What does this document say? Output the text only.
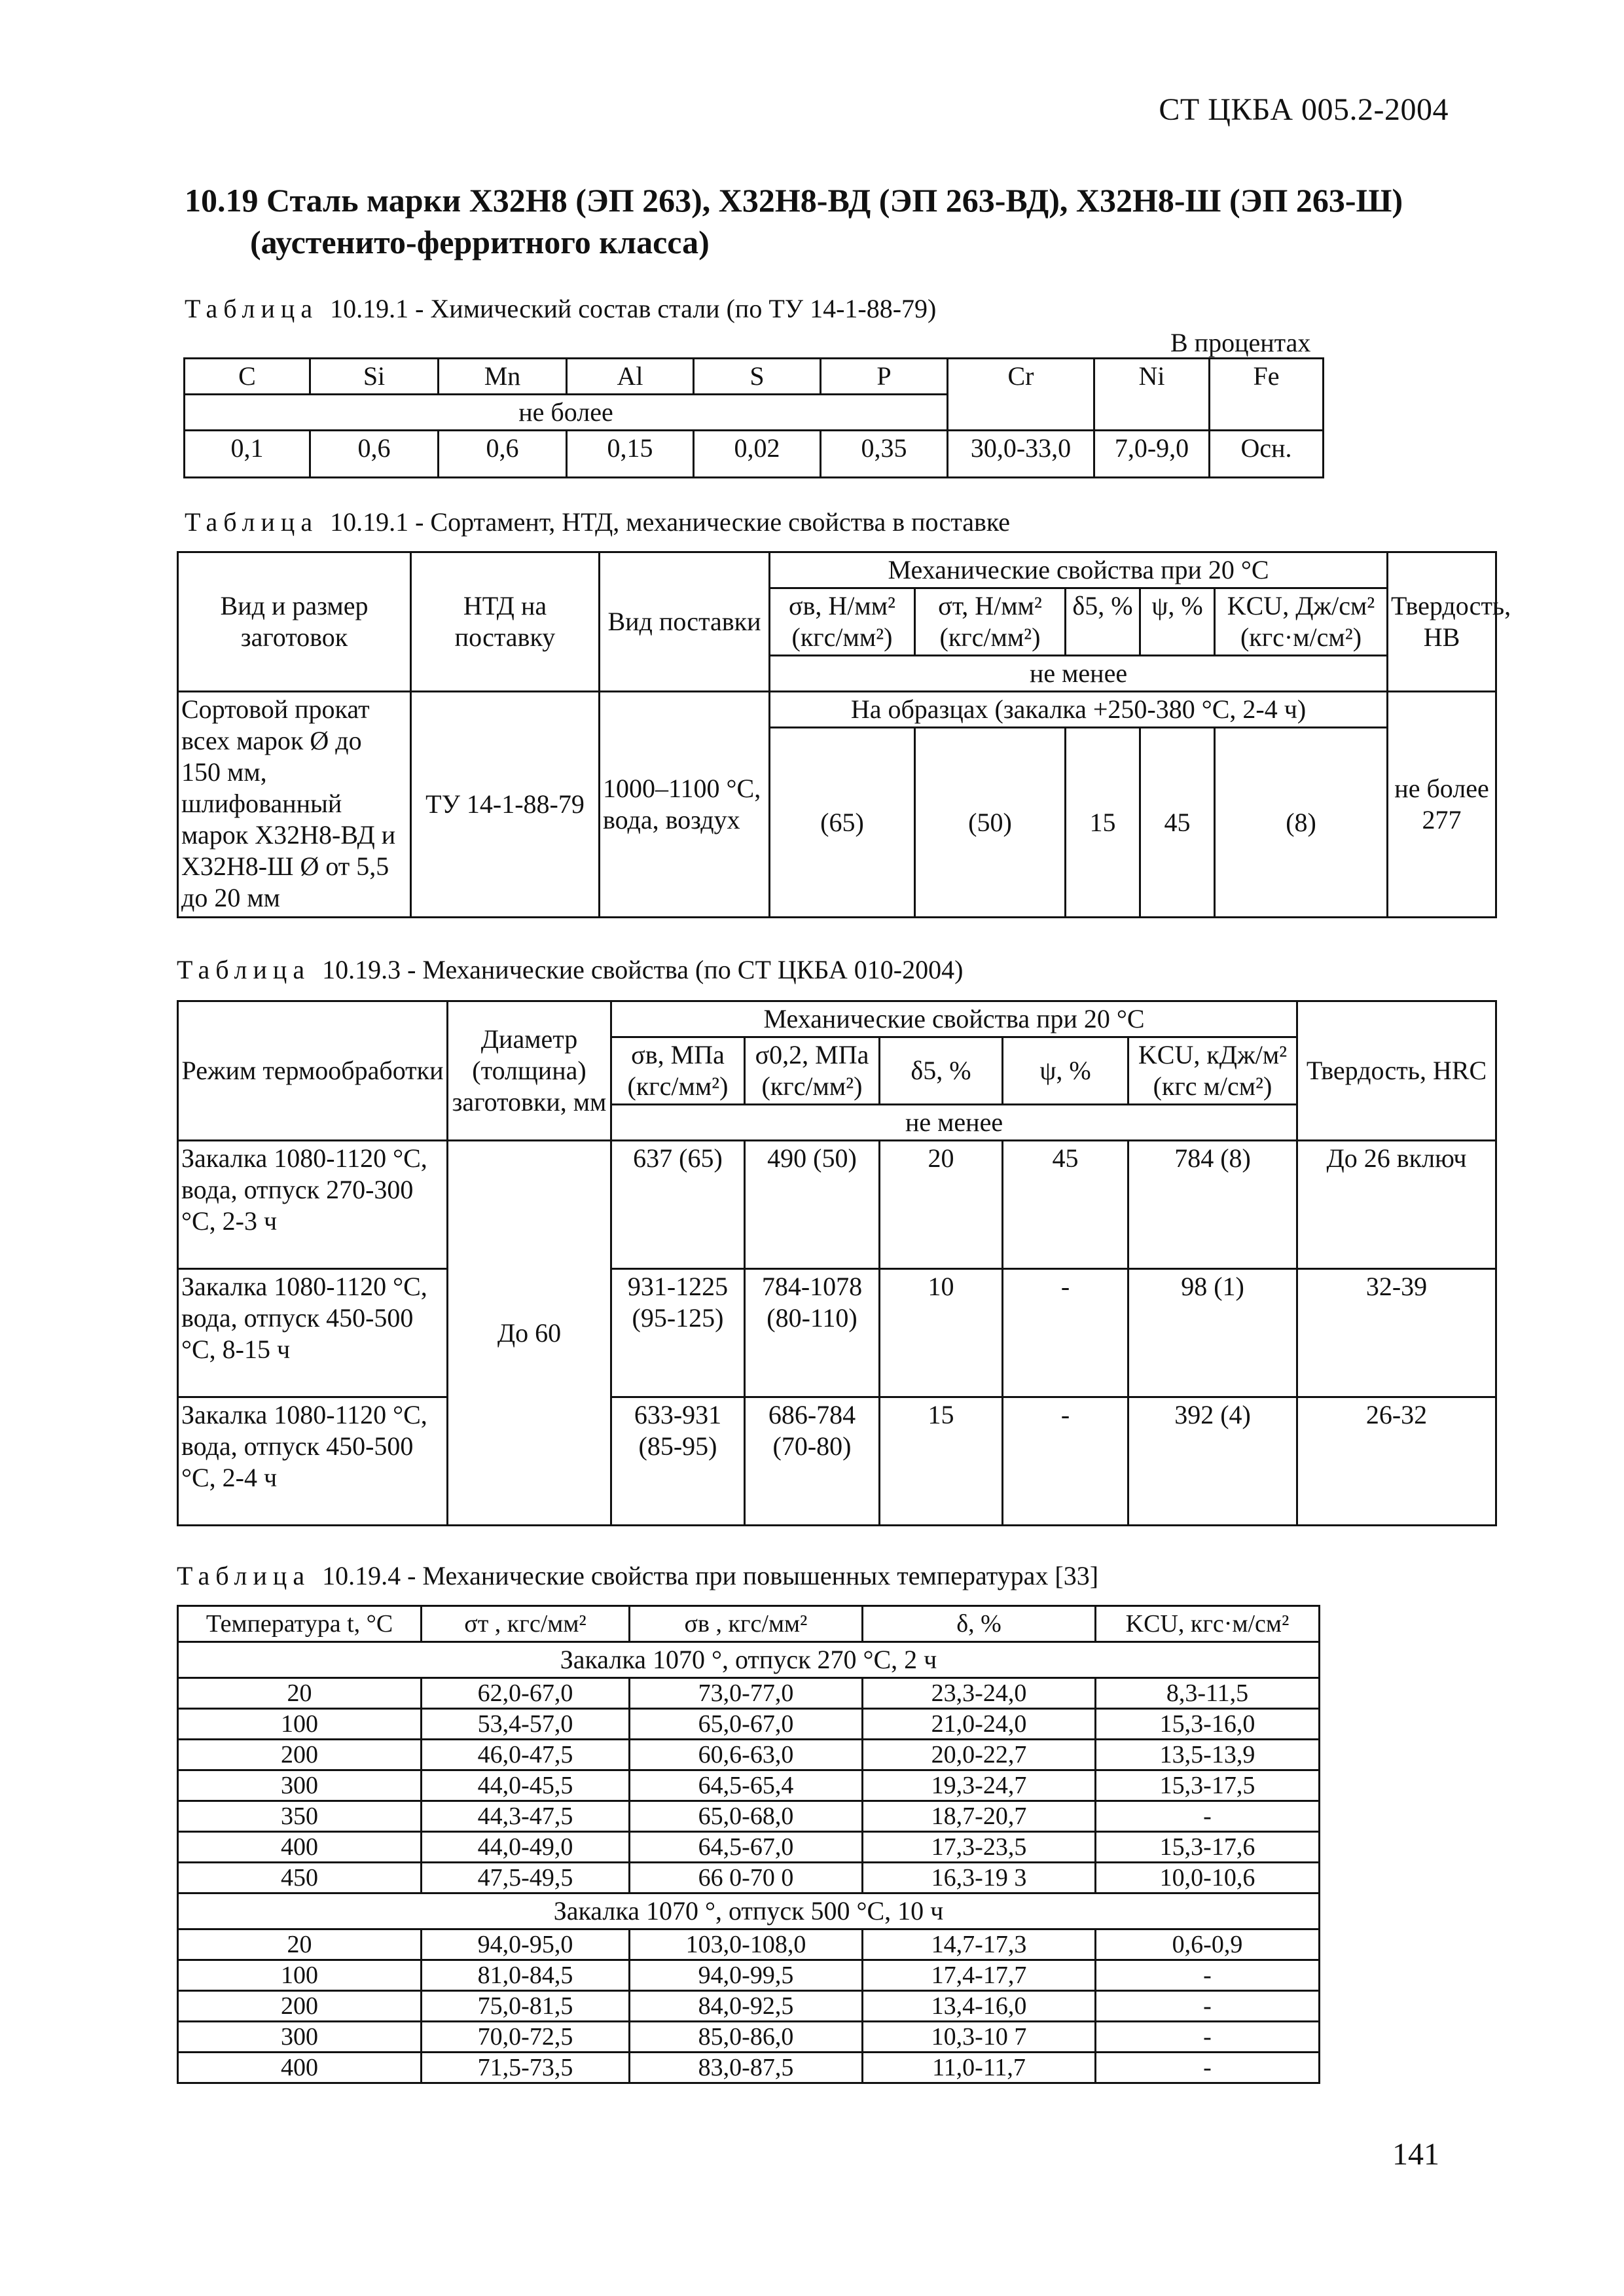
СТ ЦКБА 005.2-2004
10.19 Сталь марки Х32Н8 (ЭП 263), Х32Н8-ВД (ЭП 263-ВД), Х32Н8-Ш (ЭП 263-Ш)
(аустенито-ферритного класса)
Таблица 10.19.1 - Химический состав стали (по ТУ 14-1-88-79)
В процентах
C	Si	Mn	Al	S	P	Cr	Ni	Fe
не более								
0,1	0,6	0,6	0,15	0,02	0,35	30,0-33,0	7,0-9,0	Осн.
Таблица 10.19.1 - Сортамент, НТД, механические свойства в поставке
Вид и размер заготовок	НТД на поставку	Вид поставки	Механические свойства при 20 °С					Твердость, НВ
			σв, Н/мм² (кгс/мм²)	σт, Н/мм² (кгс/мм²)	δ5, %	ψ, %	KCU, Дж/см² (кгс·м/см²)	
			не менее					
Сортовой прокат всех марок Ø до 150 мм, шлифованный марок Х32Н8-ВД и Х32Н8-Ш Ø от 5,5 до 20 мм	ТУ 14-1-88-79	1000–1100 °С, вода, воздух	На образцах (закалка +250-380 °С, 2-4 ч)					не более 277
			(65)	(50)	15	45	(8)	
Таблица 10.19.3 - Механические свойства (по СТ ЦКБА 010-2004)
Режим термообработки	Диаметр (толщина) заготовки, мм	Механические свойства при 20 °С					Твердость, HRC
		σв, МПа (кгс/мм²)	σ0,2, МПа (кгс/мм²)	δ5, %	ψ, %	KCU, кДж/м² (кгс м/см²)	
		не менее					
Закалка 1080-1120 °С, вода, отпуск 270-300 °С, 2-3 ч	До 60	637 (65)	490 (50)	20	45	784 (8)	До 26 включ
Закалка 1080-1120 °С, вода, отпуск 450-500 °С, 8-15 ч		931-1225 (95-125)	784-1078 (80-110)	10	-	98 (1)	32-39
Закалка 1080-1120 °С, вода, отпуск 450-500 °С, 2-4 ч		633-931 (85-95)	686-784 (70-80)	15	-	392 (4)	26-32
Таблица 10.19.4 - Механические свойства при повышенных температурах [33]
Температура t, °С	σт , кгс/мм²	σв , кгс/мм²	δ, %	KCU, кгс·м/см²
Закалка 1070 °, отпуск 270 °С, 2 ч				
20	62,0-67,0	73,0-77,0	23,3-24,0	8,3-11,5
100	53,4-57,0	65,0-67,0	21,0-24,0	15,3-16,0
200	46,0-47,5	60,6-63,0	20,0-22,7	13,5-13,9
300	44,0-45,5	64,5-65,4	19,3-24,7	15,3-17,5
350	44,3-47,5	65,0-68,0	18,7-20,7	-
400	44,0-49,0	64,5-67,0	17,3-23,5	15,3-17,6
450	47,5-49,5	66 0-70 0	16,3-19 3	10,0-10,6
Закалка 1070 °, отпуск 500 °С, 10 ч				
20	94,0-95,0	103,0-108,0	14,7-17,3	0,6-0,9
100	81,0-84,5	94,0-99,5	17,4-17,7	-
200	75,0-81,5	84,0-92,5	13,4-16,0	-
300	70,0-72,5	85,0-86,0	10,3-10 7	-
400	71,5-73,5	83,0-87,5	11,0-11,7	-
141
